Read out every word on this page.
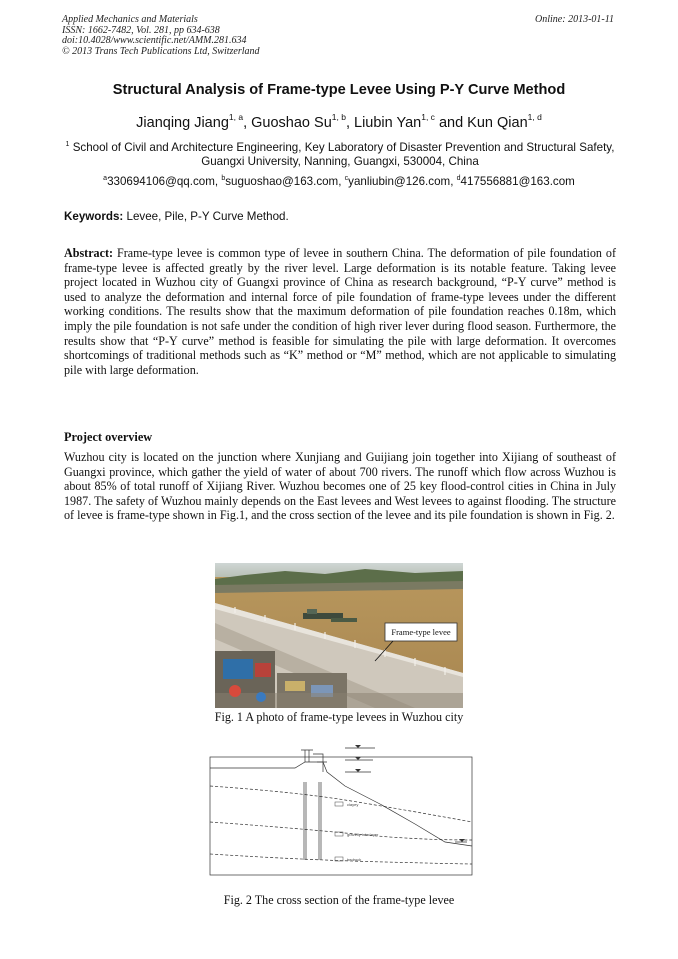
Applied Mechanics and Materials
ISSN: 1662-7482, Vol. 281, pp 634-638
doi:10.4028/www.scientific.net/AMM.281.634
© 2013 Trans Tech Publications Ltd, Switzerland
Online: 2013-01-11
Structural Analysis of Frame-type Levee Using P-Y Curve Method
Jianqing Jiang$^{1, a}$, Guoshao Su$^{1, b}$, Liubin Yan$^{1, c}$ and Kun Qian$^{1, d}$
$^1$ School of Civil and Architecture Engineering, Key Laboratory of Disaster Prevention and Structural Safety, Guangxi University, Nanning, Guangxi, 530004, China
$^a$330694106@qq.com, $^b$suguoshao@163.com, $^c$yanliubin@126.com, $^d$417556881@163.com
Keywords: Levee, Pile, P-Y Curve Method.
Abstract: Frame-type levee is common type of levee in southern China. The deformation of pile foundation of frame-type levee is affected greatly by the river level. Large deformation is its notable feature. Taking levee project located in Wuzhou city of Guangxi province of China as research background, “P-Y curve” method is used to analyze the deformation and internal force of pile foundation of frame-type levees under the different working conditions. The results show that the maximum deformation of pile foundation reaches 0.18m, which imply the pile foundation is not safe under the condition of high river lever during flood season. Furthermore, the results show that “P-Y curve” method is feasible for simulating the pile with large deformation. It overcomes shortcomings of traditional methods such as “K” method or “M” method, which are not applicable to simulating pile with large deformation.
Project overview
Wuzhou city is located on the junction where Xunjiang and Guijiang join together into Xijiang of southeast of Guangxi province, which gather the yield of water of about 700 rivers. The runoff which flow across Wuzhou is about 85% of total runoff of Xijiang River. Wuzhou becomes one of 25 key flood-control cities in China in July 1987. The safety of Wuzhou mainly depends on the East levees and West levees to against flooding. The structure of levee is frame-type shown in Fig.1, and the cross section of the levee and its pile foundation is shown in Fig. 2.
Frame-type levee
Fig. 1 A photo of frame-type levees in Wuzhou city
clayey
gravelly interlayer
bedrock
Fig. 2 The cross section of the frame-type levee
